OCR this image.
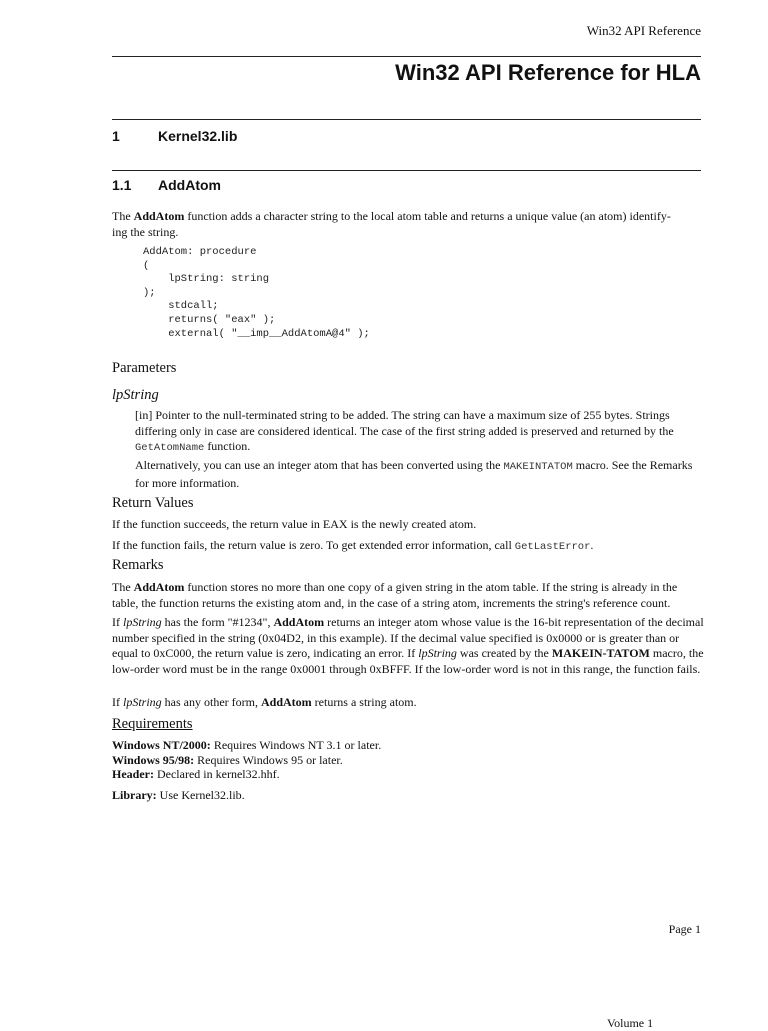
Win32 API Reference
Win32 API Reference for HLA
1	Kernel32.lib
1.1 AddAtom
The AddAtom function adds a character string to the local atom table and returns a unique value (an atom) identify-
ing the string.
AddAtom: procedure
(
lpString: string
);
stdcall;
returns( "eax" );
external( "__imp__AddAtomA@4" );
Parameters
lpString
[in] Pointer to the null-terminated string to be added. The string can have a maximum size of 255 bytes. Strings differing only in case are considered identical. The case of the first string added is preserved and returned by the GetAtomName function.
Alternatively, you can use an integer atom that has been converted using the MAKEINTATOM macro. See the Remarks for more information.
Return Values
If the function succeeds, the return value in EAX is the newly created atom.
If the function fails, the return value is zero. To get extended error information, call GetLastError.
Remarks
The AddAtom function stores no more than one copy of a given string in the atom table. If the string is already in the table, the function returns the existing atom and, in the case of a string atom, increments the string's reference count.
If lpString has the form "#1234", AddAtom returns an integer atom whose value is the 16-bit representation of the decimal number specified in the string (0x04D2, in this example). If the decimal value specified is 0x0000 or is greater than or equal to 0xC000, the return value is zero, indicating an error. If lpString was created by the MAKEIN-TATOM macro, the low-order word must be in the range 0x0001 through 0xBFFF. If the low-order word is not in this range, the function fails.
If lpString has any other form, AddAtom returns a string atom.
Requirements
Windows NT/2000: Requires Windows NT 3.1 or later.
Windows 95/98: Requires Windows 95 or later.
Header: Declared in kernel32.hhf.
Library: Use Kernel32.lib.
Page 1
Volume 1
